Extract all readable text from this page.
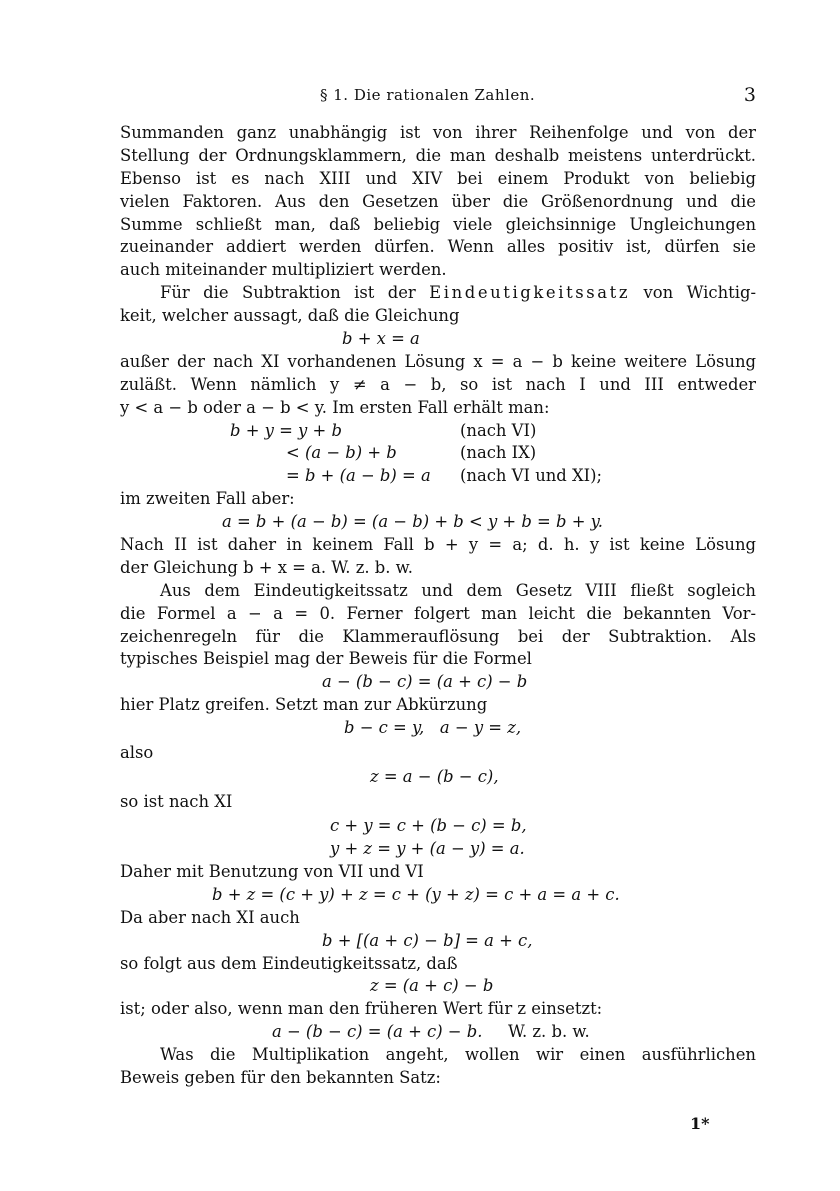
§ 1. Die rationalen Zahlen.	3
Summanden ganz unabhängig ist von ihrer Reihenfolge und von der
Stellung der Ordnungsklammern, die man deshalb meistens unterdrückt.
Ebenso ist es nach XIII und XIV bei einem Produkt von beliebig
vielen Faktoren. Aus den Gesetzen über die Größenordnung und die
Summe schließt man, daß beliebig viele gleichsinnige Ungleichungen
zueinander addiert werden dürfen. Wenn alles positiv ist, dürfen sie
auch miteinander multipliziert werden.
Für die Subtraktion ist der Eindeutigkeitssatz von Wichtig-
keit, welcher aussagt, daß die Gleichung
b + x = a
außer der nach XI vorhandenen Lösung x = a − b keine weitere Lösung
zuläßt. Wenn nämlich y ≠ a − b, so ist nach I und III entweder
y < a − b oder a − b < y. Im ersten Fall erhält man:
b + y = y + b	(nach VI)
< (a − b) + b	(nach IX)
= b + (a − b) = a (nach VI und XI);
im zweiten Fall aber:
a = b + (a − b) = (a − b) + b < y + b = b + y.
Nach II ist daher in keinem Fall b + y = a; d. h. y ist keine Lösung
der Gleichung b + x = a. W. z. b. w.
Aus dem Eindeutigkeitssatz und dem Gesetz VIII fließt sogleich
die Formel a − a = 0. Ferner folgert man leicht die bekannten Vor-
zeichenregeln für die Klammerauflösung bei der Subtraktion. Als
typisches Beispiel mag der Beweis für die Formel
a − (b − c) = (a + c) − b
hier Platz greifen. Setzt man zur Abkürzung
b − c = y,   a − y = z,
also
z = a − (b − c),
so ist nach XI
c + y = c + (b − c) = b,
y + z = y + (a − y) = a.
Daher mit Benutzung von VII und VI
b + z = (c + y) + z = c + (y + z) = c + a = a + c.
Da aber nach XI auch
b + [(a + c) − b] = a + c,
so folgt aus dem Eindeutigkeitssatz, daß
z = (a + c) − b
ist; oder also, wenn man den früheren Wert für z einsetzt:
a − (b − c) = (a + c) − b. W. z. b. w.
Was die Multiplikation angeht, wollen wir einen ausführlichen
Beweis geben für den bekannten Satz:
1*
